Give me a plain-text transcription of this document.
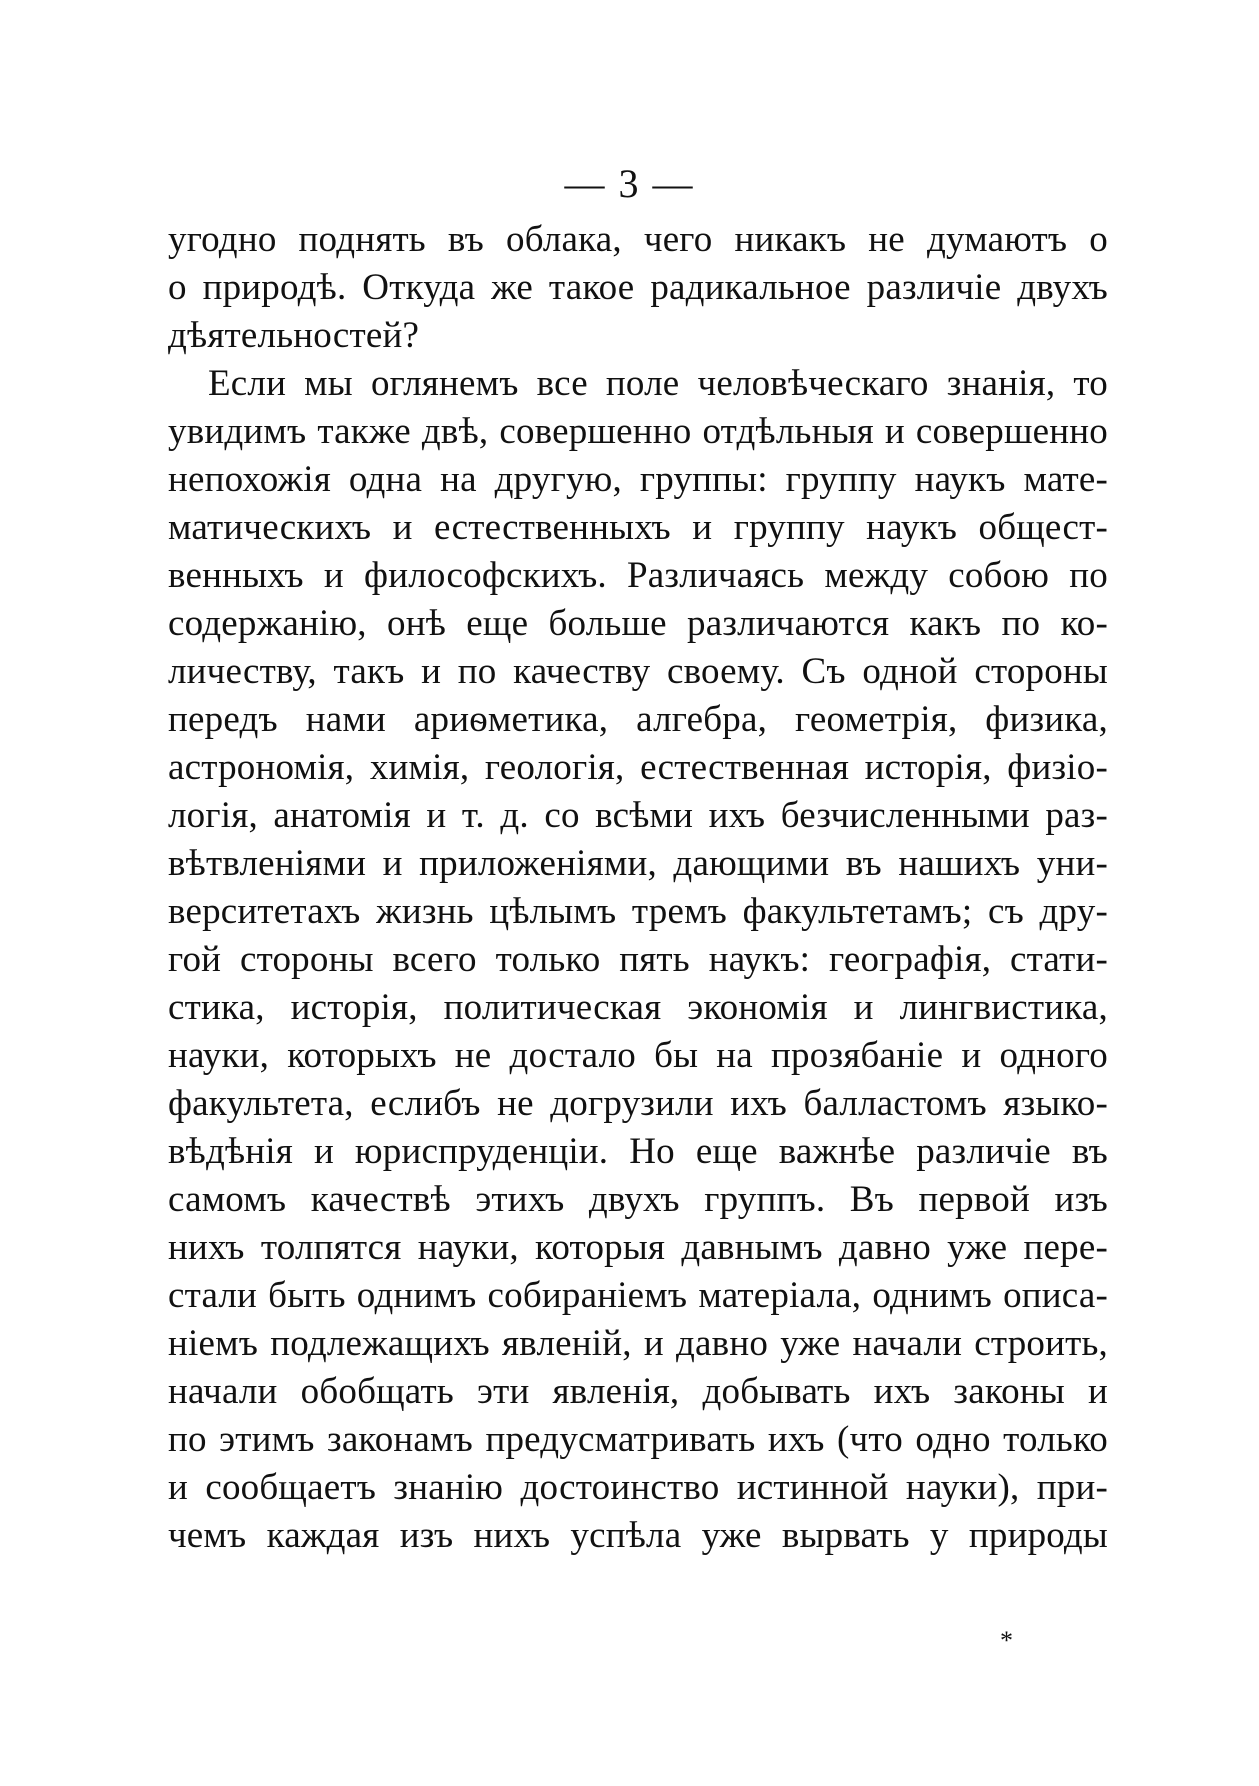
— 3 —
угодно поднять въ облака, чего никакъ не думаютъ о
о природѣ. Откуда же такое радикальное различіе двухъ
дѣятельностей?
Если мы оглянемъ все поле человѣческаго знанія, то
увидимъ также двѣ, совершенно отдѣльныя и совершенно
непохожія одна на другую, группы: группу наукъ мате-
матическихъ и естественныхъ и группу наукъ общест-
венныхъ и философскихъ. Различаясь между собою по
содержанію, онѣ еще больше различаются какъ по ко-
личеству, такъ и по качеству своему. Съ одной стороны
передъ нами ариѳметика, алгебра, геометрія, физика,
астрономія, химія, геологія, естественная исторія, физіо-
логія, анатомія и т. д. со всѣми ихъ безчисленными раз-
вѣтвленіями и приложеніями, дающими въ нашихъ уни-
верситетахъ жизнь цѣлымъ тремъ факультетамъ; съ дру-
гой стороны всего только пять наукъ: географія, стати-
стика, исторія, политическая экономія и лингвистика,
науки, которыхъ не достало бы на прозябаніе и одного
факультета, еслибъ не догрузили ихъ балластомъ языко-
вѣдѣнія и юриспруденціи. Но еще важнѣе различіе въ
самомъ качествѣ этихъ двухъ группъ. Въ первой изъ
нихъ толпятся науки, которыя давнымъ давно уже пере-
стали быть однимъ собираніемъ матеріала, однимъ описа-
ніемъ подлежащихъ явленій, и давно уже начали строить,
начали обобщать эти явленія, добывать ихъ законы и
по этимъ законамъ предусматривать ихъ (что одно только
и сообщаетъ знанію достоинство истинной науки), при-
чемъ каждая изъ нихъ успѣла уже вырвать у природы
*
